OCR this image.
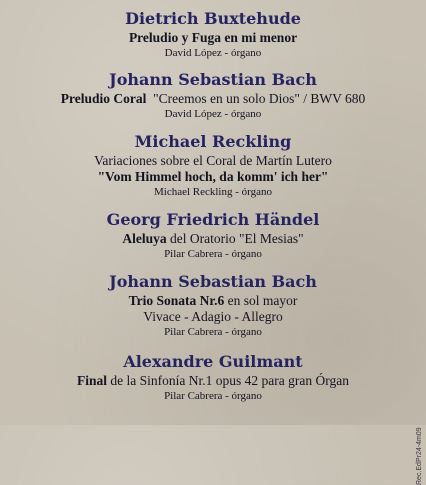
Dietrich Buxtehude
Preludio y Fuga en mi menor
David López - órgano
Johann Sebastian Bach
Preludio Coral "Creemos en un solo Dios" / BWV 680
David López - órgano
Michael Reckling
Variaciones sobre el Coral de Martín Lutero
"Vom Himmel hoch, da komm' ich her"
Michael Reckling - órgano
Georg Friedrich Händel
Aleluya del Oratorio "El Mesias"
Pilar Cabrera - órgano
Johann Sebastian Bach
Trio Sonata Nr.6 en sol mayor
Vivace - Adagio - Allegro
Pilar Cabrera - órgano
Alexandre Guilmant
Final de la Sinfonía Nr.1 opus 42 para gran Órgan
Pilar Cabrera - órgano
Rec.EdPr24-4m09
